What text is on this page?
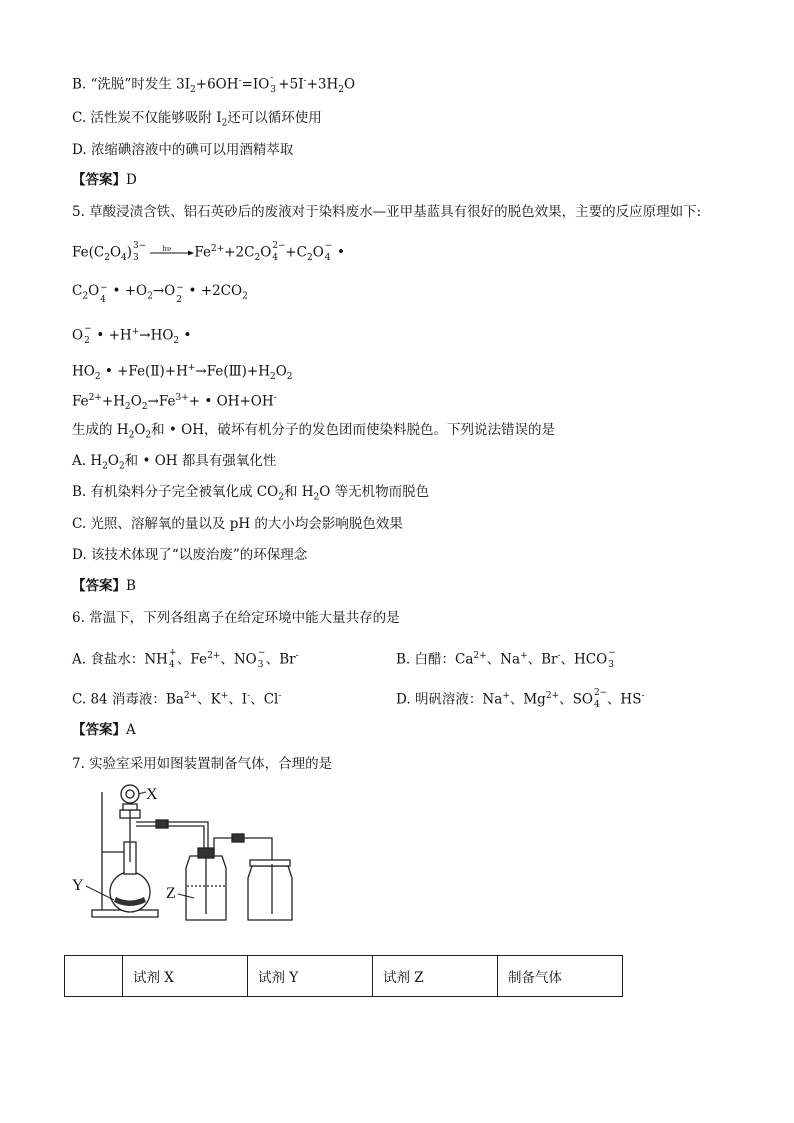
B. “洗脱”时发生 $3I_2+6OH^-=IO$ -
$3 +5I^-+3H_2O$
C. 活性炭不仅能够吸附 $I_2$还可以循环使用
D. 浓缩碘溶液中的碘可以用酒精萃取
【答案】D
5. 草酸浸渍含铁、铝石英砂后的废液对于染料废水—亚甲基蓝具有很好的脱色效果，主要的反应原理如下:
$Fe(C_2O_4)$ 3−
3

hν $Fe^{2+}+2C_2O$ 2−
$4 +C_2O$ −
4 •
$C_2O$ −
4
• $+O_2\to O$ −
2
• $+2CO_2$
O −
2 • $+H^+\to HO_2$ •
$HO_2$ • $+Fe(Ⅱ)+H^+\to Fe(Ⅲ)+H_2O_2$
$Fe^{2+}+H_2O_2\to Fe^{3+}+$ • OH+OH-
生成的 $H_2O_2$和 • OH，破坏有机分子的发色团而使染料脱色。下列说法错误的是
A. $H_2O_2$和 • OH 都具有强氧化性
B. 有机染料分子完全被氧化成 $CO_2$和 $H_2O$ 等无机物而脱色
C. 光照、溶解氧的量以及 pH 的大小均会影响脱色效果
D. 该技术体现了“以废治废”的环保理念
【答案】B
6. 常温下，下列各组离子在给定环境中能大量共存的是
A. 食盐水：NH +
4 、$Fe^{2+}$、NO −
3 、Br-	B. 白醋：$Ca^{2+}$、Na+、Br-、HCO −
3
C. 84 消毒液：$Ba^{2+}$、K+、I-、Cl-	D. 明矾溶液：Na+、$Mg^{2+}$、SO 2−
4 、HS-
【答案】A
7. 实验室采用如图装置制备气体，合理的是
X
Y	Z
	试剂 X	试剂 Y	试剂 Z	制备气体
